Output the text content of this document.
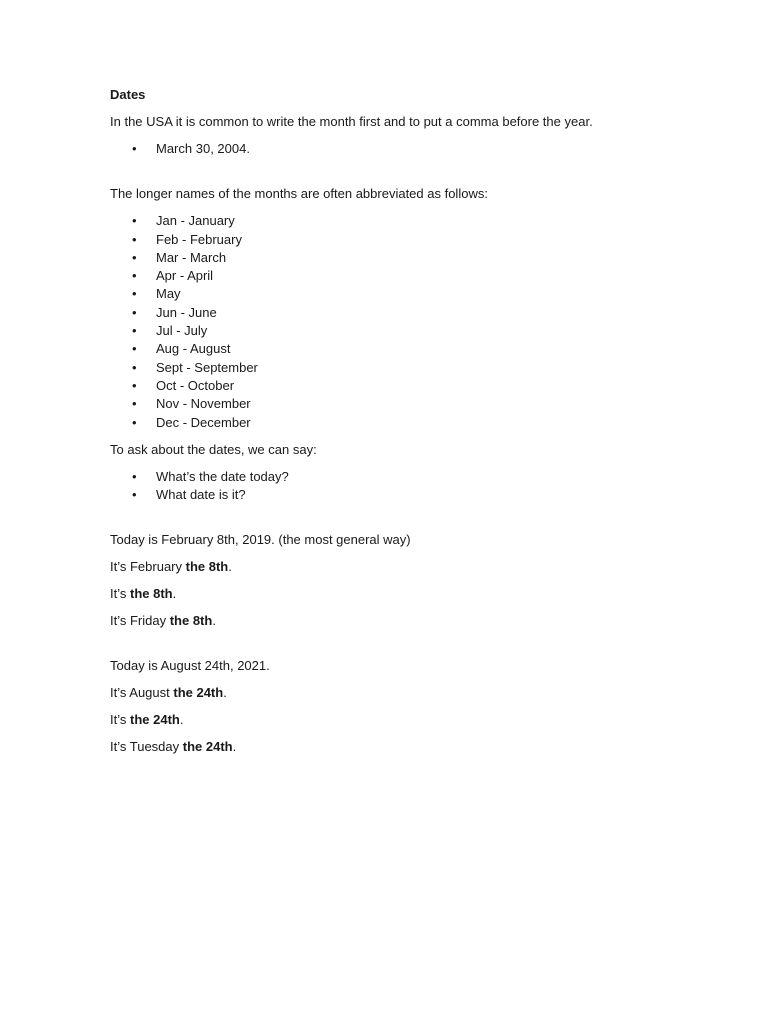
Dates

In the USA it is common to write the month first and to put a comma before the year.

• March 30, 2004.

The longer names of the months are often abbreviated as follows:

• Jan - January
• Feb - February
• Mar - March
• Apr - April
• May
• Jun - June
• Jul - July
• Aug - August
• Sept - September
• Oct - October
• Nov - November
• Dec - December

To ask about the dates, we can say:

• What’s the date today?
• What date is it?

Today is February 8th, 2019. (the most general way)

It’s February the 8th.

It’s the 8th.

It’s Friday the 8th.

Today is August 24th, 2021.

It’s August the 24th.

It’s the 24th.

It’s Tuesday the 24th.
